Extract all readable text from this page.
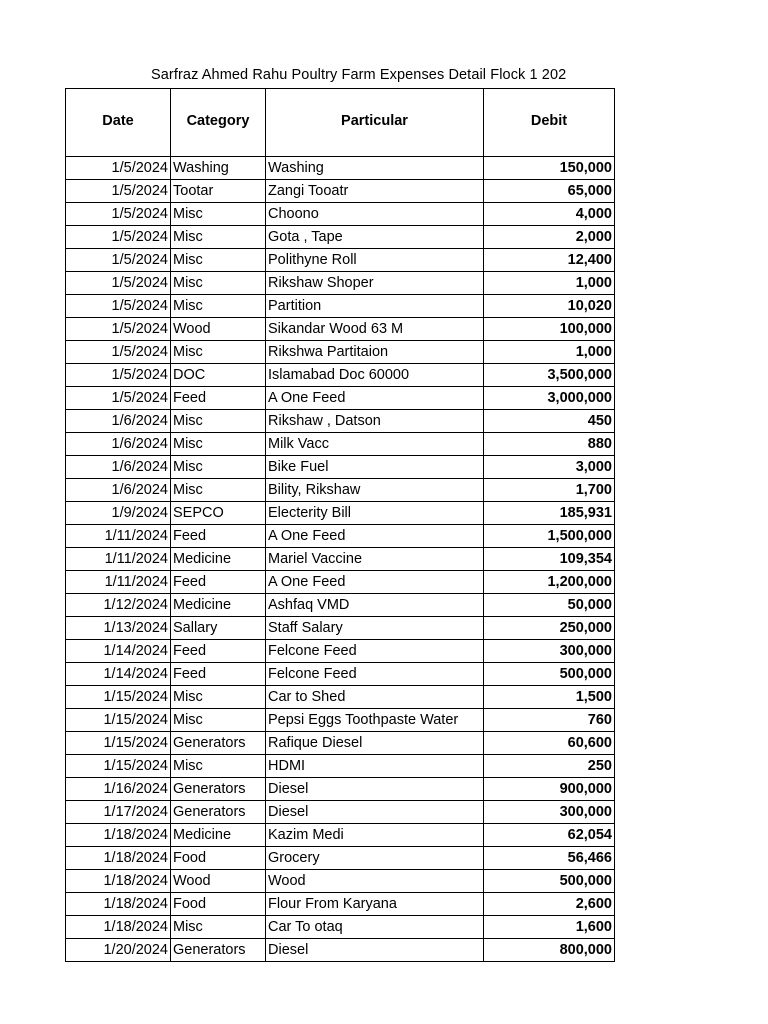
Sarfraz Ahmed Rahu Poultry Farm Expenses Detail Flock 1 202
Date	Category	Particular	Debit
1/5/2024	Washing	Washing	150,000
1/5/2024	Tootar	Zangi Tooatr	65,000
1/5/2024	Misc	Choono	4,000
1/5/2024	Misc	Gota , Tape	2,000
1/5/2024	Misc	Polithyne Roll	12,400
1/5/2024	Misc	Rikshaw Shoper	1,000
1/5/2024	Misc	Partition	10,020
1/5/2024	Wood	Sikandar Wood 63 M	100,000
1/5/2024	Misc	Rikshwa Partitaion	1,000
1/5/2024	DOC	Islamabad Doc 60000	3,500,000
1/5/2024	Feed	A One Feed	3,000,000
1/6/2024	Misc	Rikshaw , Datson	450
1/6/2024	Misc	Milk Vacc	880
1/6/2024	Misc	Bike Fuel	3,000
1/6/2024	Misc	Bility, Rikshaw	1,700
1/9/2024	SEPCO	Electerity Bill	185,931
1/11/2024	Feed	A One Feed	1,500,000
1/11/2024	Medicine	Mariel Vaccine	109,354
1/11/2024	Feed	A One Feed	1,200,000
1/12/2024	Medicine	Ashfaq VMD	50,000
1/13/2024	Sallary	Staff Salary	250,000
1/14/2024	Feed	Felcone Feed	300,000
1/14/2024	Feed	Felcone Feed	500,000
1/15/2024	Misc	Car to Shed	1,500
1/15/2024	Misc	Pepsi Eggs Toothpaste Water	760
1/15/2024	Generators	Rafique Diesel	60,600
1/15/2024	Misc	HDMI	250
1/16/2024	Generators	Diesel	900,000
1/17/2024	Generators	Diesel	300,000
1/18/2024	Medicine	Kazim Medi	62,054
1/18/2024	Food	Grocery	56,466
1/18/2024	Wood	Wood	500,000
1/18/2024	Food	Flour From Karyana	2,600
1/18/2024	Misc	Car To otaq	1,600
1/20/2024	Generators	Diesel	800,000
